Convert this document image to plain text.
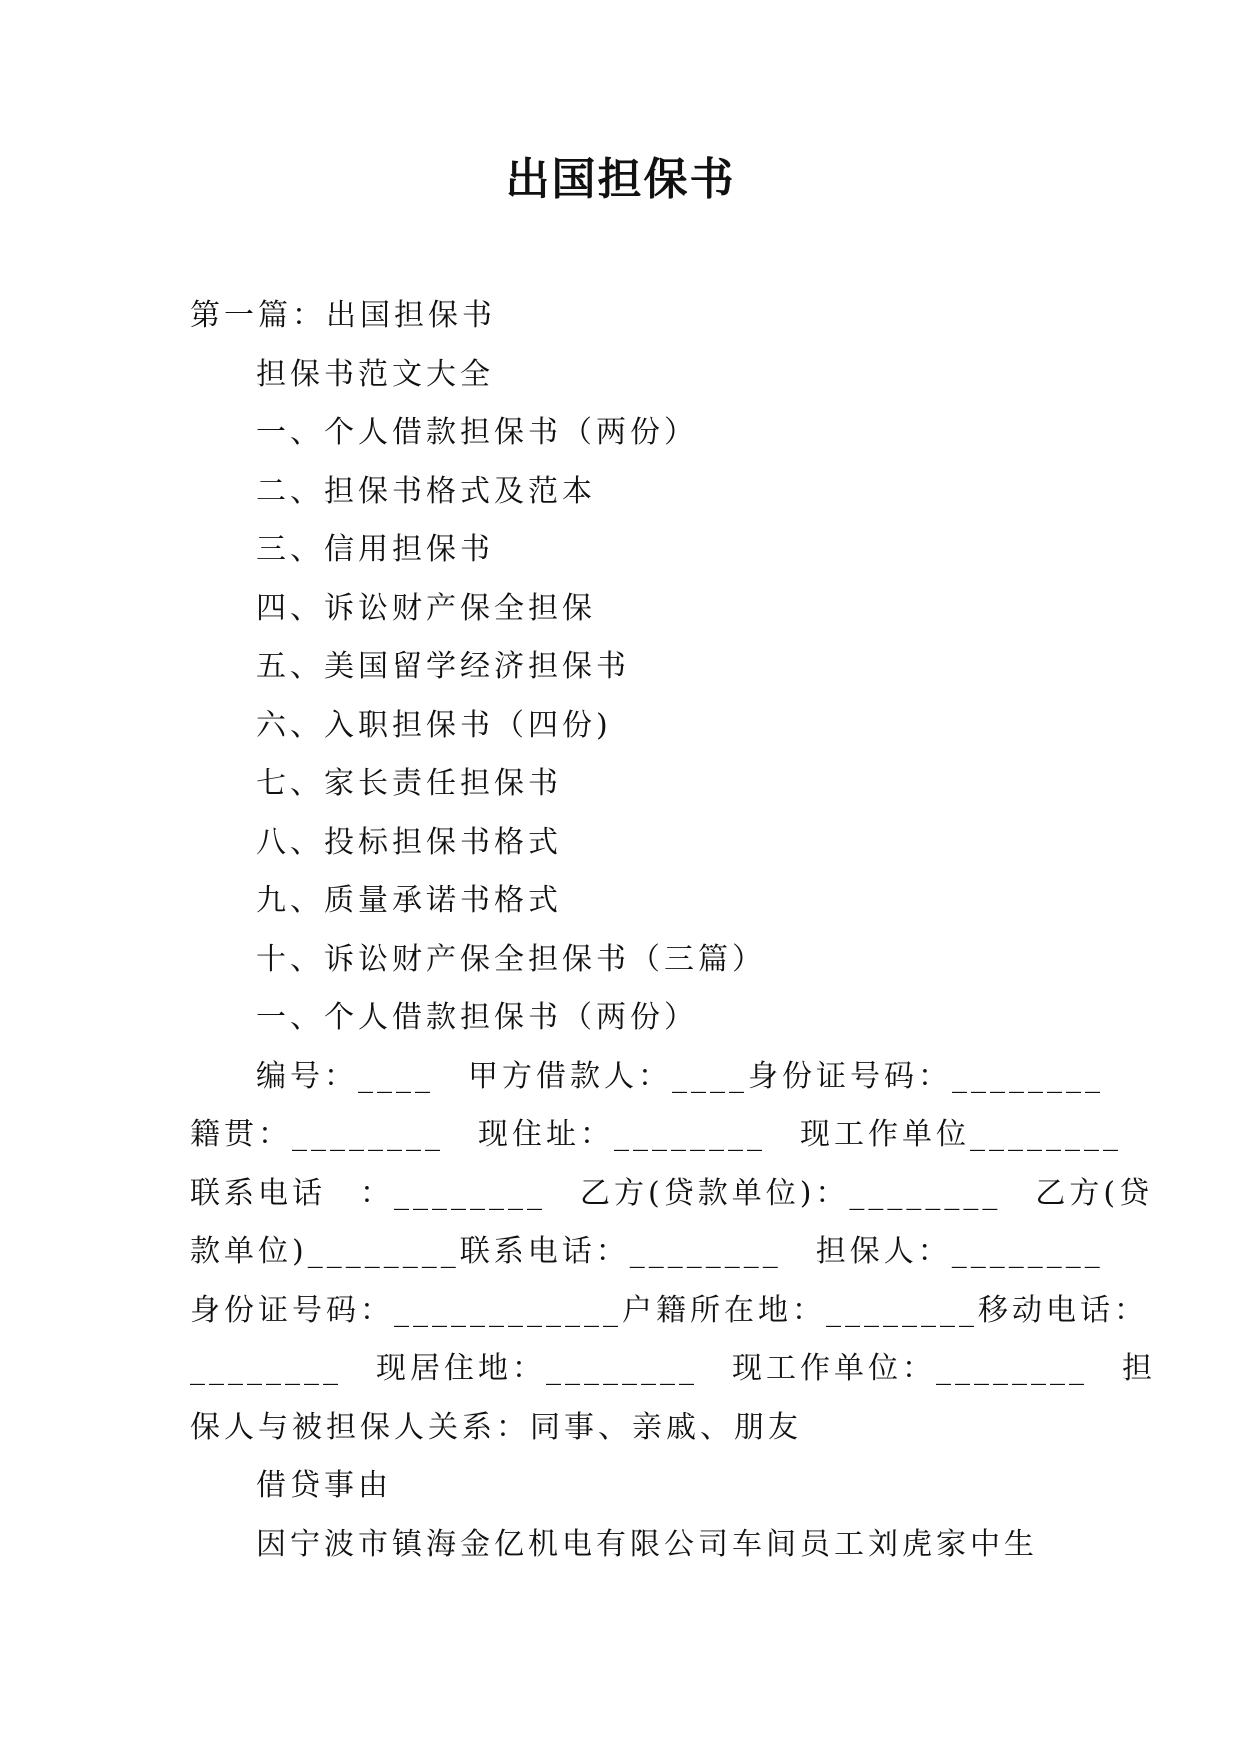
出国担保书
第一篇：出国担保书
担保书范文大全
一、个人借款担保书（两份）
二、担保书格式及范本
三、信用担保书
四、诉讼财产保全担保
五、美国留学经济担保书
六、入职担保书（四份)
七、家长责任担保书
八、投标担保书格式
九、质量承诺书格式
十、诉讼财产保全担保书（三篇）
一、个人借款担保书（两份）
编号：____　甲方借款人：____身份证号码：________
籍贯：________　现住址：________　现工作单位________
联系电话　：________　乙方(贷款单位)：________　乙方(贷
款单位)________联系电话：________　担保人：________
身份证号码：____________户籍所在地：________移动电话：
________　现居住地：________　现工作单位：________　担
保人与被担保人关系：同事、亲戚、朋友
借贷事由
因宁波市镇海金亿机电有限公司车间员工刘虎家中生
